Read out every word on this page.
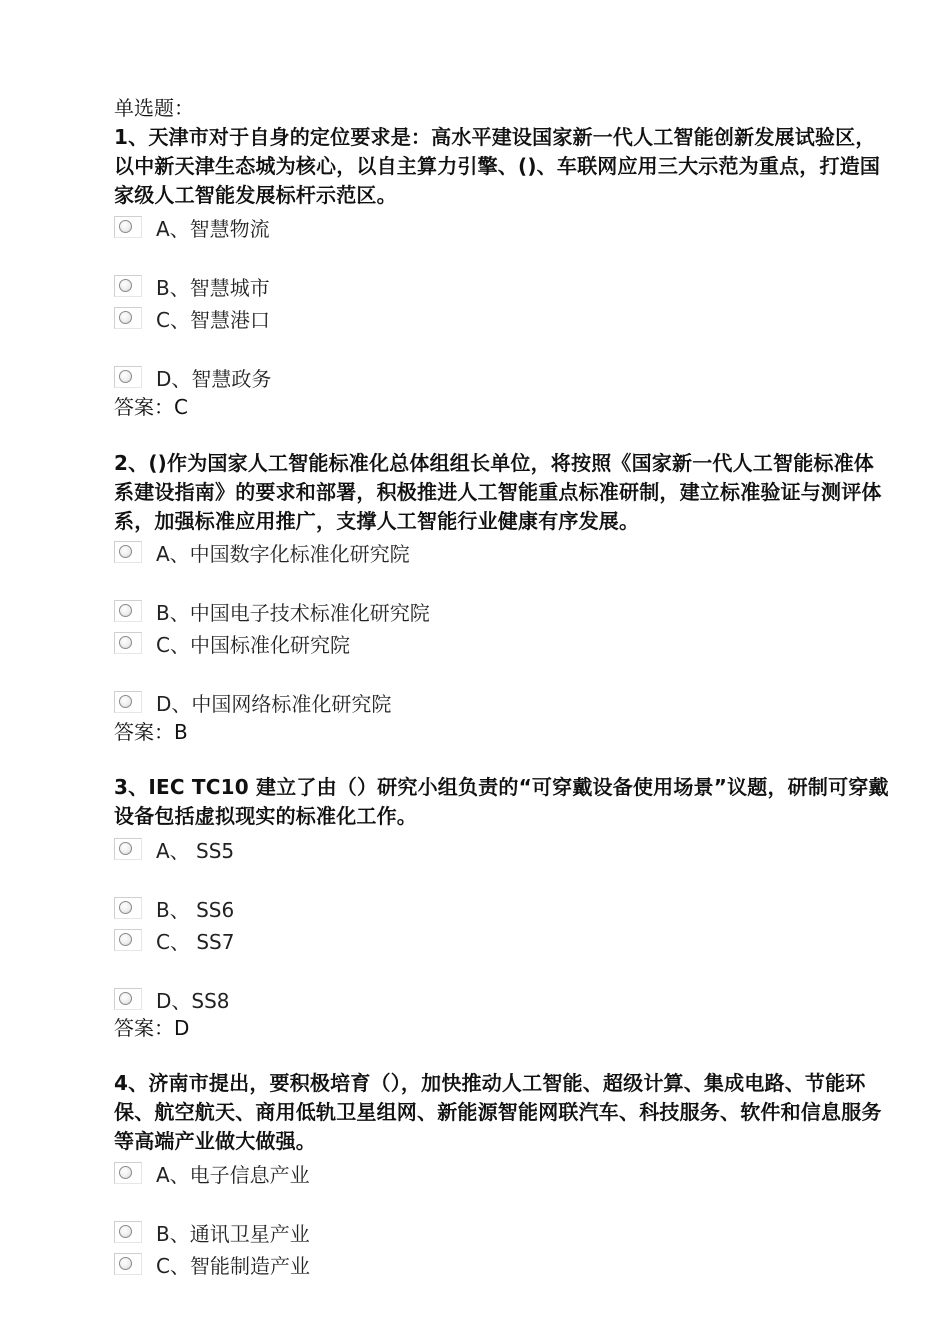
单选题：
1、天津市对于自身的定位要求是：高水平建设国家新一代人工智能创新发展试验区，以中新天津生态城为核心，以自主算力引擎、()、车联网应用三大示范为重点，打造国家级人工智能发展标杆示范区。
A、智慧物流
B、智慧城市
C、智慧港口
D、智慧政务
答案：C
2、()作为国家人工智能标准化总体组组长单位，将按照《国家新一代人工智能标准体系建设指南》的要求和部署，积极推进人工智能重点标准研制，建立标准验证与测评体系，加强标准应用推广，支撑人工智能行业健康有序发展。
A、中国数字化标准化研究院
B、中国电子技术标准化研究院
C、中国标准化研究院
D、中国网络标准化研究院
答案：B
3、IEC TC10 建立了由（）研究小组负责的“可穿戴设备使用场景”议题，研制可穿戴设备包括虚拟现实的标准化工作。
A、 SS5
B、 SS6
C、 SS7
D、SS8
答案：D
4、济南市提出，要积极培育（），加快推动人工智能、超级计算、集成电路、节能环保、航空航天、商用低轨卫星组网、新能源智能网联汽车、科技服务、软件和信息服务等高端产业做大做强。
A、电子信息产业
B、通讯卫星产业
C、智能制造产业
